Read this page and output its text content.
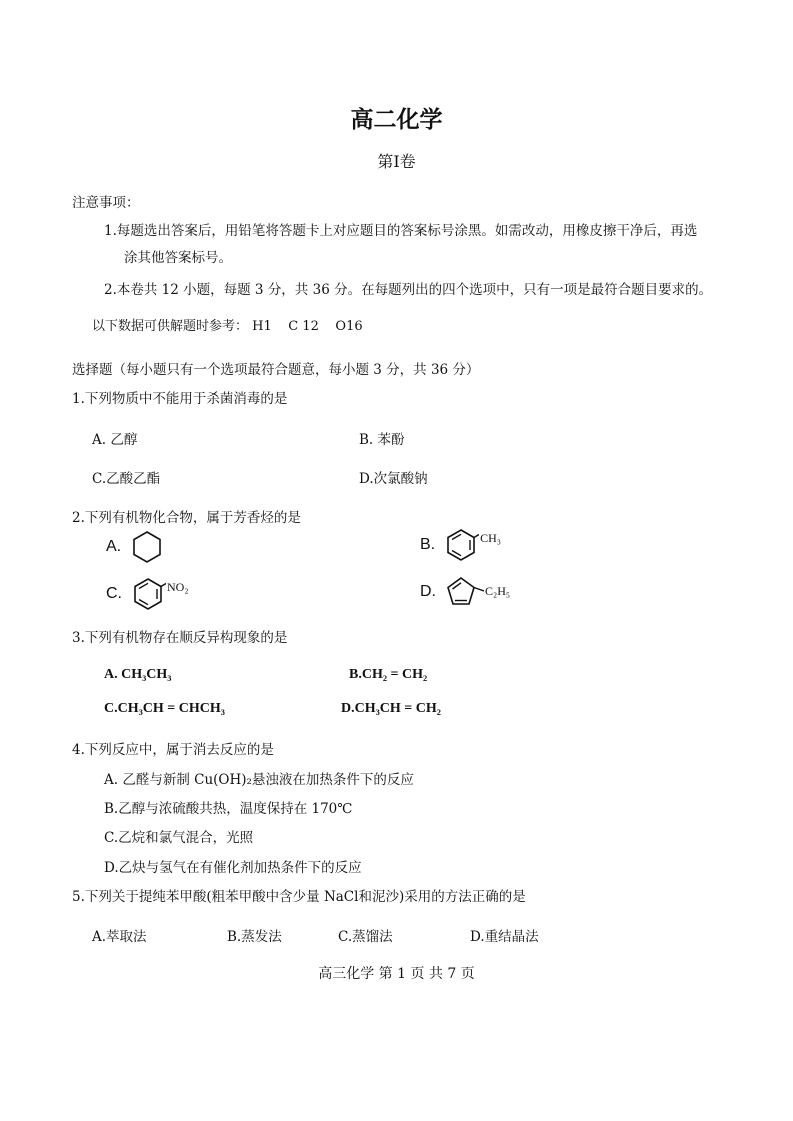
高二化学
第Ⅰ卷
注意事项：
1.每题选出答案后，用铅笔将答题卡上对应题目的答案标号涂黑。如需改动，用橡皮擦干净后，再选
涂其他答案标号。
2.本卷共 12 小题，每题 3 分，共 36 分。在每题列出的四个选项中，只有一项是最符合题目要求的。
以下数据可供解题时参考： H1    C 12    O16
选择题（每小题只有一个选项最符合题意，每小题 3 分，共 36 分）
1.下列物质中不能用于杀菌消毒的是
A. 乙醇	B. 苯酚
C.乙酸乙酯	D.次氯酸钠
2.下列有机物化合物，属于芳香烃的是
A.	B.	CH₃
C.	NO₂	D.	C₂H₅
3.下列有机物存在顺反异构现象的是
A. CH₃CH₃	B.CH₂ = CH₂
C.CH₃CH = CHCH₃	D.CH₃CH = CH₂
4.下列反应中，属于消去反应的是
A. 乙醛与新制 Cu(OH)₂悬浊液在加热条件下的反应
B.乙醇与浓硫酸共热，温度保持在 170℃
C.乙烷和氯气混合，光照
D.乙炔与氢气在有催化剂加热条件下的反应
5.下列关于提纯苯甲酸(粗苯甲酸中含少量 NaCl和泥沙)采用的方法正确的是
A.萃取法	B.蒸发法	C.蒸馏法	D.重结晶法
高三化学 第 1 页 共 7 页
